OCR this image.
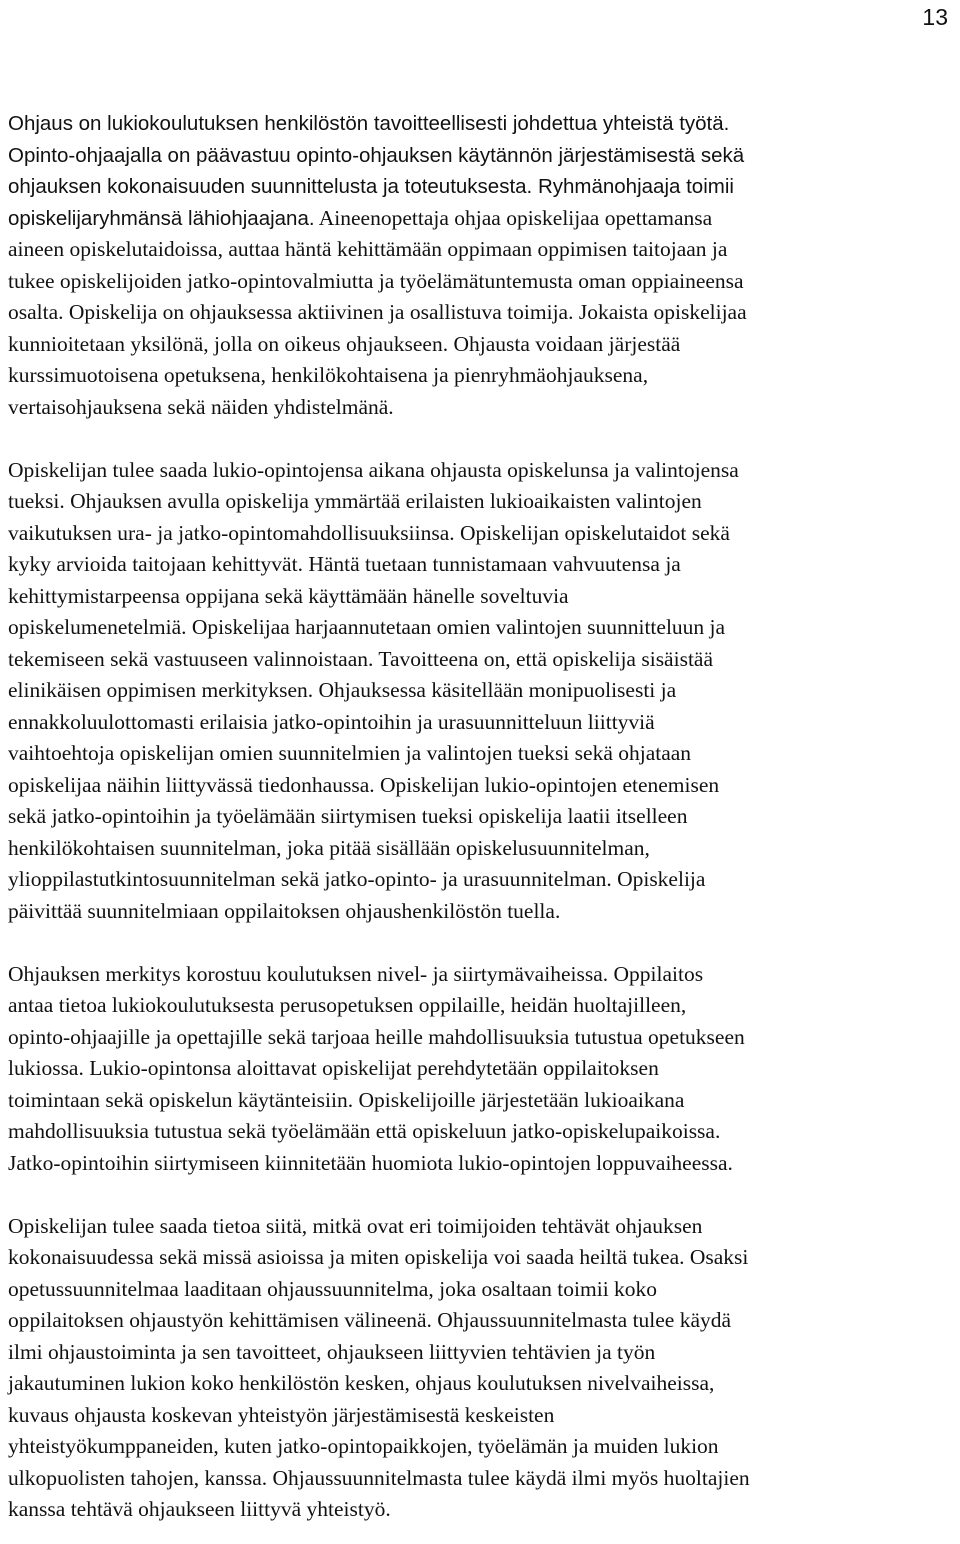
13

Ohjaus on lukiokoulutuksen henkilöstön tavoitteellisesti johdettua yhteistä työtä.
Opinto-ohjaajalla on päävastuu opinto-ohjauksen käytännön järjestämisestä sekä
ohjauksen kokonaisuuden suunnittelusta ja toteutuksesta. Ryhmänohjaaja toimii
opiskelijaryhmänsä lähiohjaajana. Aineenopettaja ohjaa opiskelijaa opettamansa
aineen opiskelutaidoissa, auttaa häntä kehittämään oppimaan oppimisen taitojaan ja
tukee opiskelijoiden jatko-opintovalmiutta ja työelämätuntemusta oman oppiaineensa
osalta. Opiskelija on ohjauksessa aktiivinen ja osallistuva toimija. Jokaista opiskelijaa
kunnioitetaan yksilönä, jolla on oikeus ohjaukseen. Ohjausta voidaan järjestää
kurssimuotoisena opetuksena, henkilökohtaisena ja pienryhmäohjauksena,
vertaisohjauksena sekä näiden yhdistelmänä.

Opiskelijan tulee saada lukio-opintojensa aikana ohjausta opiskelunsa ja valintojensa
tueksi. Ohjauksen avulla opiskelija ymmärtää erilaisten lukioaikaisten valintojen
vaikutuksen ura- ja jatko-opintomahdollisuuksiinsa. Opiskelijan opiskelutaidot sekä
kyky arvioida taitojaan kehittyvät. Häntä tuetaan tunnistamaan vahvuutensa ja
kehittymistarpeensa oppijana sekä käyttämään hänelle soveltuvia
opiskelumenetelmiä. Opiskelijaa harjaannutetaan omien valintojen suunnitteluun ja
tekemiseen sekä vastuuseen valinnoistaan. Tavoitteena on, että opiskelija sisäistää
elinikäisen oppimisen merkityksen. Ohjauksessa käsitellään monipuolisesti ja
ennakkoluulottomasti erilaisia jatko-opintoihin ja urasuunnitteluun liittyviä
vaihtoehtoja opiskelijan omien suunnitelmien ja valintojen tueksi sekä ohjataan
opiskelijaa näihin liittyvässä tiedonhaussa. Opiskelijan lukio-opintojen etenemisen
sekä jatko-opintoihin ja työelämään siirtymisen tueksi opiskelija laatii itselleen
henkilökohtaisen suunnitelman, joka pitää sisällään opiskelusuunnitelman,
ylioppilastutkintosuunnitelman sekä jatko-opinto- ja urasuunnitelman. Opiskelija
päivittää suunnitelmiaan oppilaitoksen ohjaushenkilöstön tuella.

Ohjauksen merkitys korostuu koulutuksen nivel- ja siirtymävaiheissa. Oppilaitos
antaa tietoa lukiokoulutuksesta perusopetuksen oppilaille, heidän huoltajilleen,
opinto-ohjaajille ja opettajille sekä tarjoaa heille mahdollisuuksia tutustua opetukseen
lukiossa. Lukio-opintonsa aloittavat opiskelijat perehdytetään oppilaitoksen
toimintaan sekä opiskelun käytänteisiin. Opiskelijoille järjestetään lukioaikana
mahdollisuuksia tutustua sekä työelämään että opiskeluun jatko-opiskelupaikoissa.
Jatko-opintoihin siirtymiseen kiinnitetään huomiota lukio-opintojen loppuvaiheessa.

Opiskelijan tulee saada tietoa siitä, mitkä ovat eri toimijoiden tehtävät ohjauksen
kokonaisuudessa sekä missä asioissa ja miten opiskelija voi saada heiltä tukea. Osaksi
opetussuunnitelmaa laaditaan ohjaussuunnitelma, joka osaltaan toimii koko
oppilaitoksen ohjaustyön kehittämisen välineenä. Ohjaussuunnitelmasta tulee käydä
ilmi ohjaustoiminta ja sen tavoitteet, ohjaukseen liittyvien tehtävien ja työn
jakautuminen lukion koko henkilöstön kesken, ohjaus koulutuksen nivelvaiheissa,
kuvaus ohjausta koskevan yhteistyön järjestämisestä keskeisten
yhteistyökumppaneiden, kuten jatko-opintopaikkojen, työelämän ja muiden lukion
ulkopuolisten tahojen, kanssa. Ohjaussuunnitelmasta tulee käydä ilmi myös huoltajien
kanssa tehtävä ohjaukseen liittyvä yhteistyö.
